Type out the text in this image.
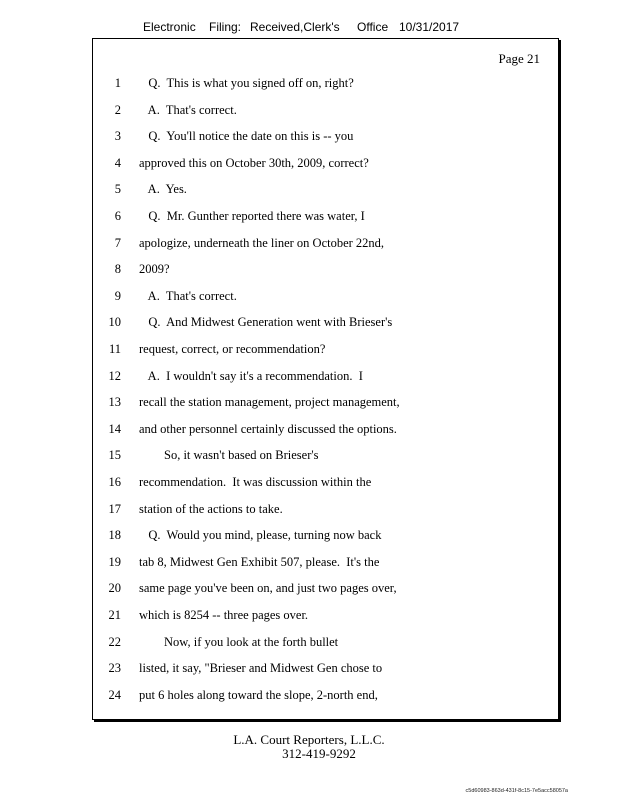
Electronic Filing: Received,Clerk's Office 10/31/2017
Page 21
1 Q.  This is what you signed off on, right?
2 A.  That's correct.
3 Q.  You'll notice the date on this is -- you
4 approved this on October 30th, 2009, correct?
5 A.  Yes.
6 Q.  Mr. Gunther reported there was water, I
7 apologize, underneath the liner on October 22nd,
8 2009?
9 A.  That's correct.
10 Q.  And Midwest Generation went with Brieser's
11 request, correct, or recommendation?
12 A.  I wouldn't say it's a recommendation.  I
13 recall the station management, project management,
14 and other personnel certainly discussed the options.
15 So, it wasn't based on Brieser's
16 recommendation.  It was discussion within the
17 station of the actions to take.
18 Q.  Would you mind, please, turning now back
19 tab 8, Midwest Gen Exhibit 507, please.  It's the
20 same page you've been on, and just two pages over,
21 which is 8254 -- three pages over.
22 Now, if you look at the forth bullet
23 listed, it say, "Brieser and Midwest Gen chose to
24 put 6 holes along toward the slope, 2-north end,
L.A. Court Reporters, L.L.C.
312-419-9292
c5d60983-863d-431f-8c15-7e5acc58057a
